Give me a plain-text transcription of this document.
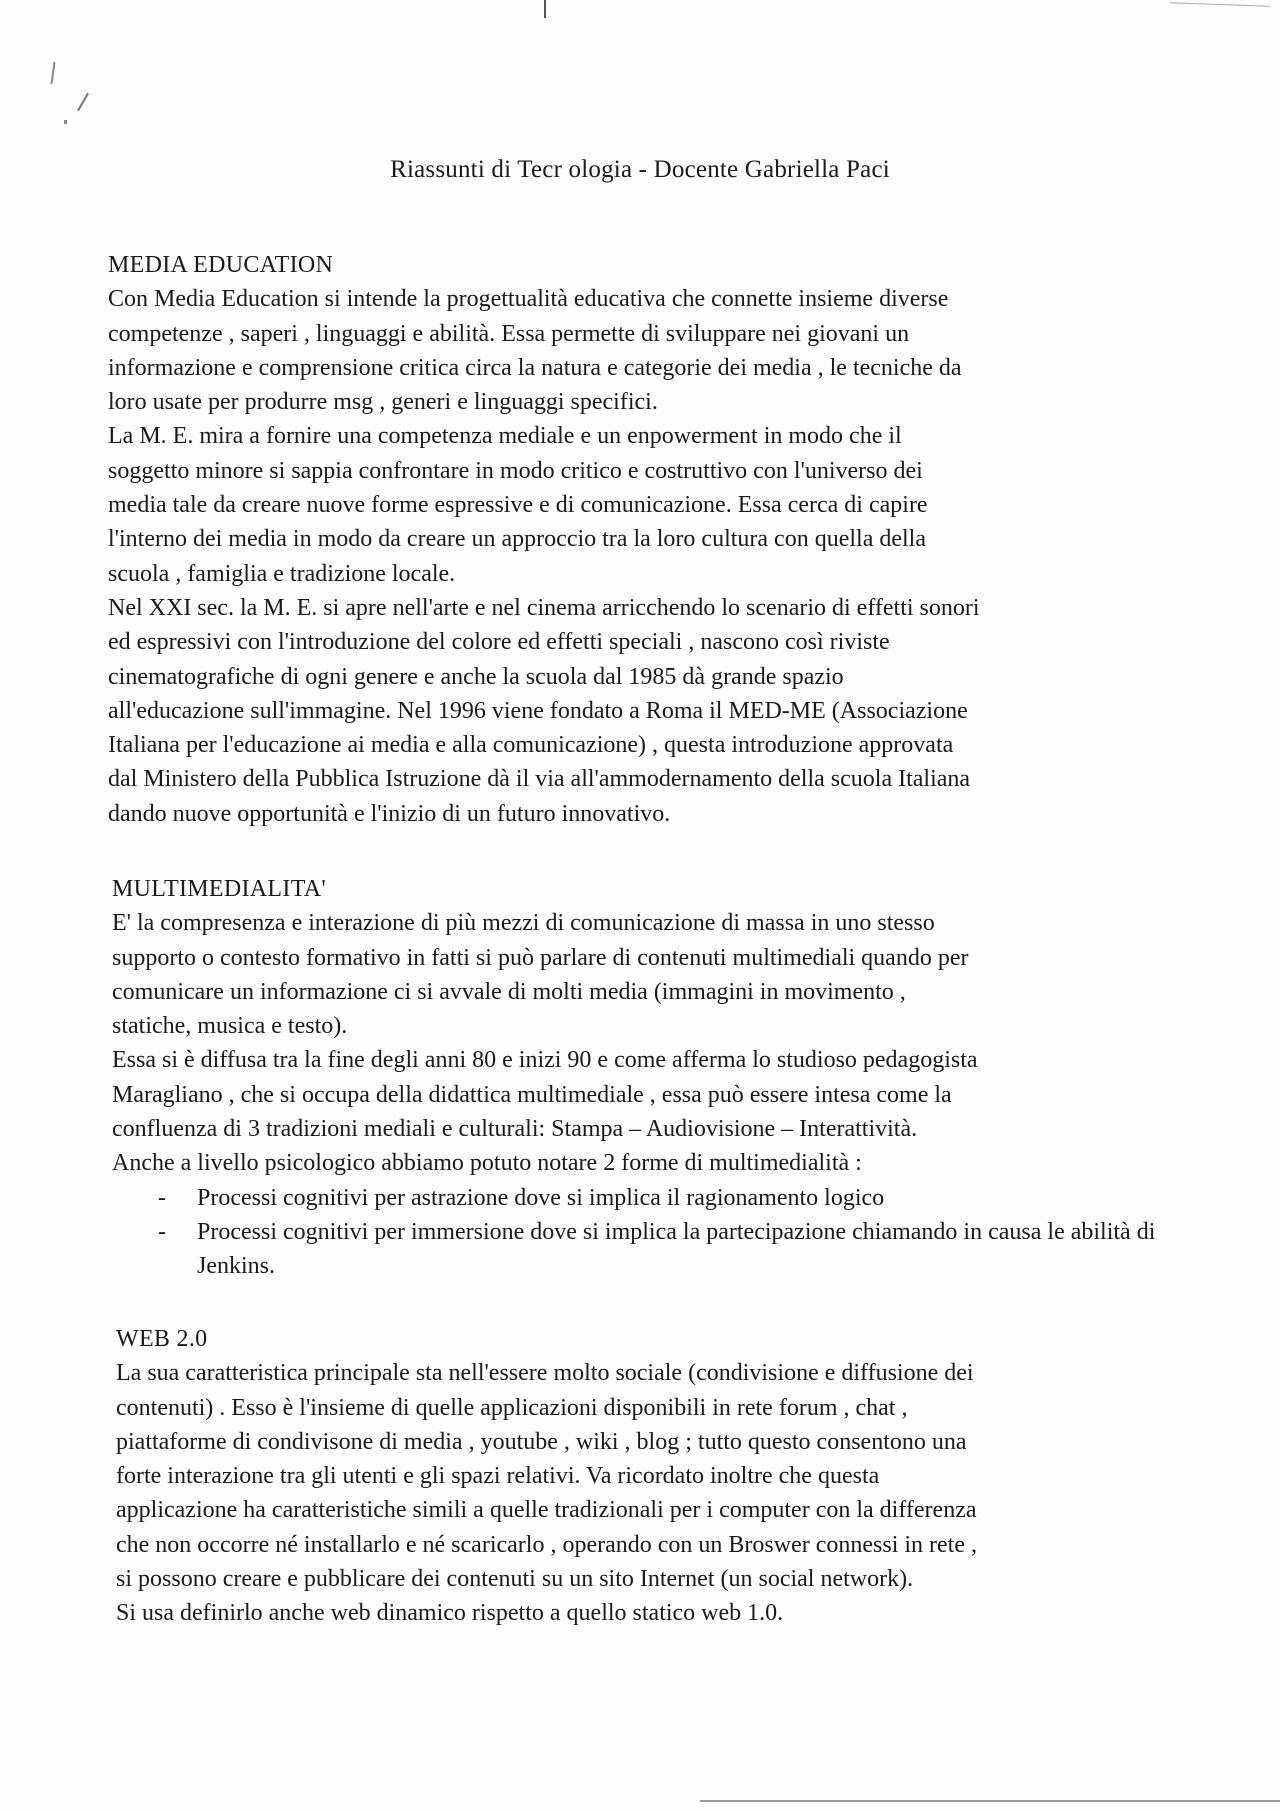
Riassunti di Tecr ologia - Docente Gabriella Paci
MEDIA EDUCATION
Con Media Education si intende la progettualità educativa che connette insieme diverse
competenze , saperi , linguaggi e abilità. Essa permette di sviluppare nei giovani un
informazione e comprensione critica circa la natura e categorie dei media , le tecniche da
loro usate per produrre msg , generi e linguaggi specifici.
La M. E. mira a fornire una competenza mediale e un enpowerment in modo che il
soggetto minore si sappia confrontare in modo critico e costruttivo con l'universo dei
media tale da creare nuove forme espressive e di comunicazione. Essa cerca di capire
l'interno dei media in modo da creare un approccio tra la loro cultura con quella della
scuola , famiglia e tradizione locale.
Nel XXI sec. la M. E. si apre nell'arte e nel cinema arricchendo lo scenario di effetti sonori
ed espressivi con l'introduzione del colore ed effetti speciali , nascono così riviste
cinematografiche di ogni genere e anche la scuola dal 1985 dà grande spazio
all'educazione sull'immagine. Nel 1996 viene fondato a Roma il MED-ME (Associazione
Italiana per l'educazione ai media e alla comunicazione) , questa introduzione approvata
dal Ministero della Pubblica Istruzione dà il via all'ammodernamento della scuola Italiana
dando nuove opportunità e l'inizio di un futuro innovativo.
MULTIMEDIALITA'
E' la compresenza e interazione di più mezzi di comunicazione di massa in uno stesso
supporto o contesto formativo in fatti si può parlare di contenuti multimediali quando per
comunicare un informazione ci si avvale di molti media (immagini in movimento ,
statiche, musica e testo).
Essa si è diffusa tra la fine degli anni 80 e inizi 90 e come afferma lo studioso pedagogista
Maragliano , che si occupa della didattica multimediale , essa può essere intesa come la
confluenza di 3 tradizioni mediali e culturali: Stampa – Audiovisione – Interattività.
Anche a livello psicologico abbiamo potuto notare 2 forme di multimedialità :
- Processi cognitivi per astrazione dove si implica il ragionamento logico
- Processi cognitivi per immersione dove si implica la partecipazione chiamando in causa le abilità di Jenkins.
WEB 2.0
La sua caratteristica principale sta nell'essere molto sociale (condivisione e diffusione dei
contenuti) . Esso è l'insieme di quelle applicazioni disponibili in rete forum , chat ,
piattaforme di condivisone di media , youtube , wiki , blog ; tutto questo consentono una
forte interazione tra gli utenti e gli spazi relativi. Va ricordato inoltre che questa
applicazione ha caratteristiche simili a quelle tradizionali per i computer con la differenza
che non occorre né installarlo e né scaricarlo , operando con un Broswer connessi in rete ,
si possono creare e pubblicare dei contenuti su un sito Internet (un social network).
Si usa definirlo anche web dinamico rispetto a quello statico web 1.0.
